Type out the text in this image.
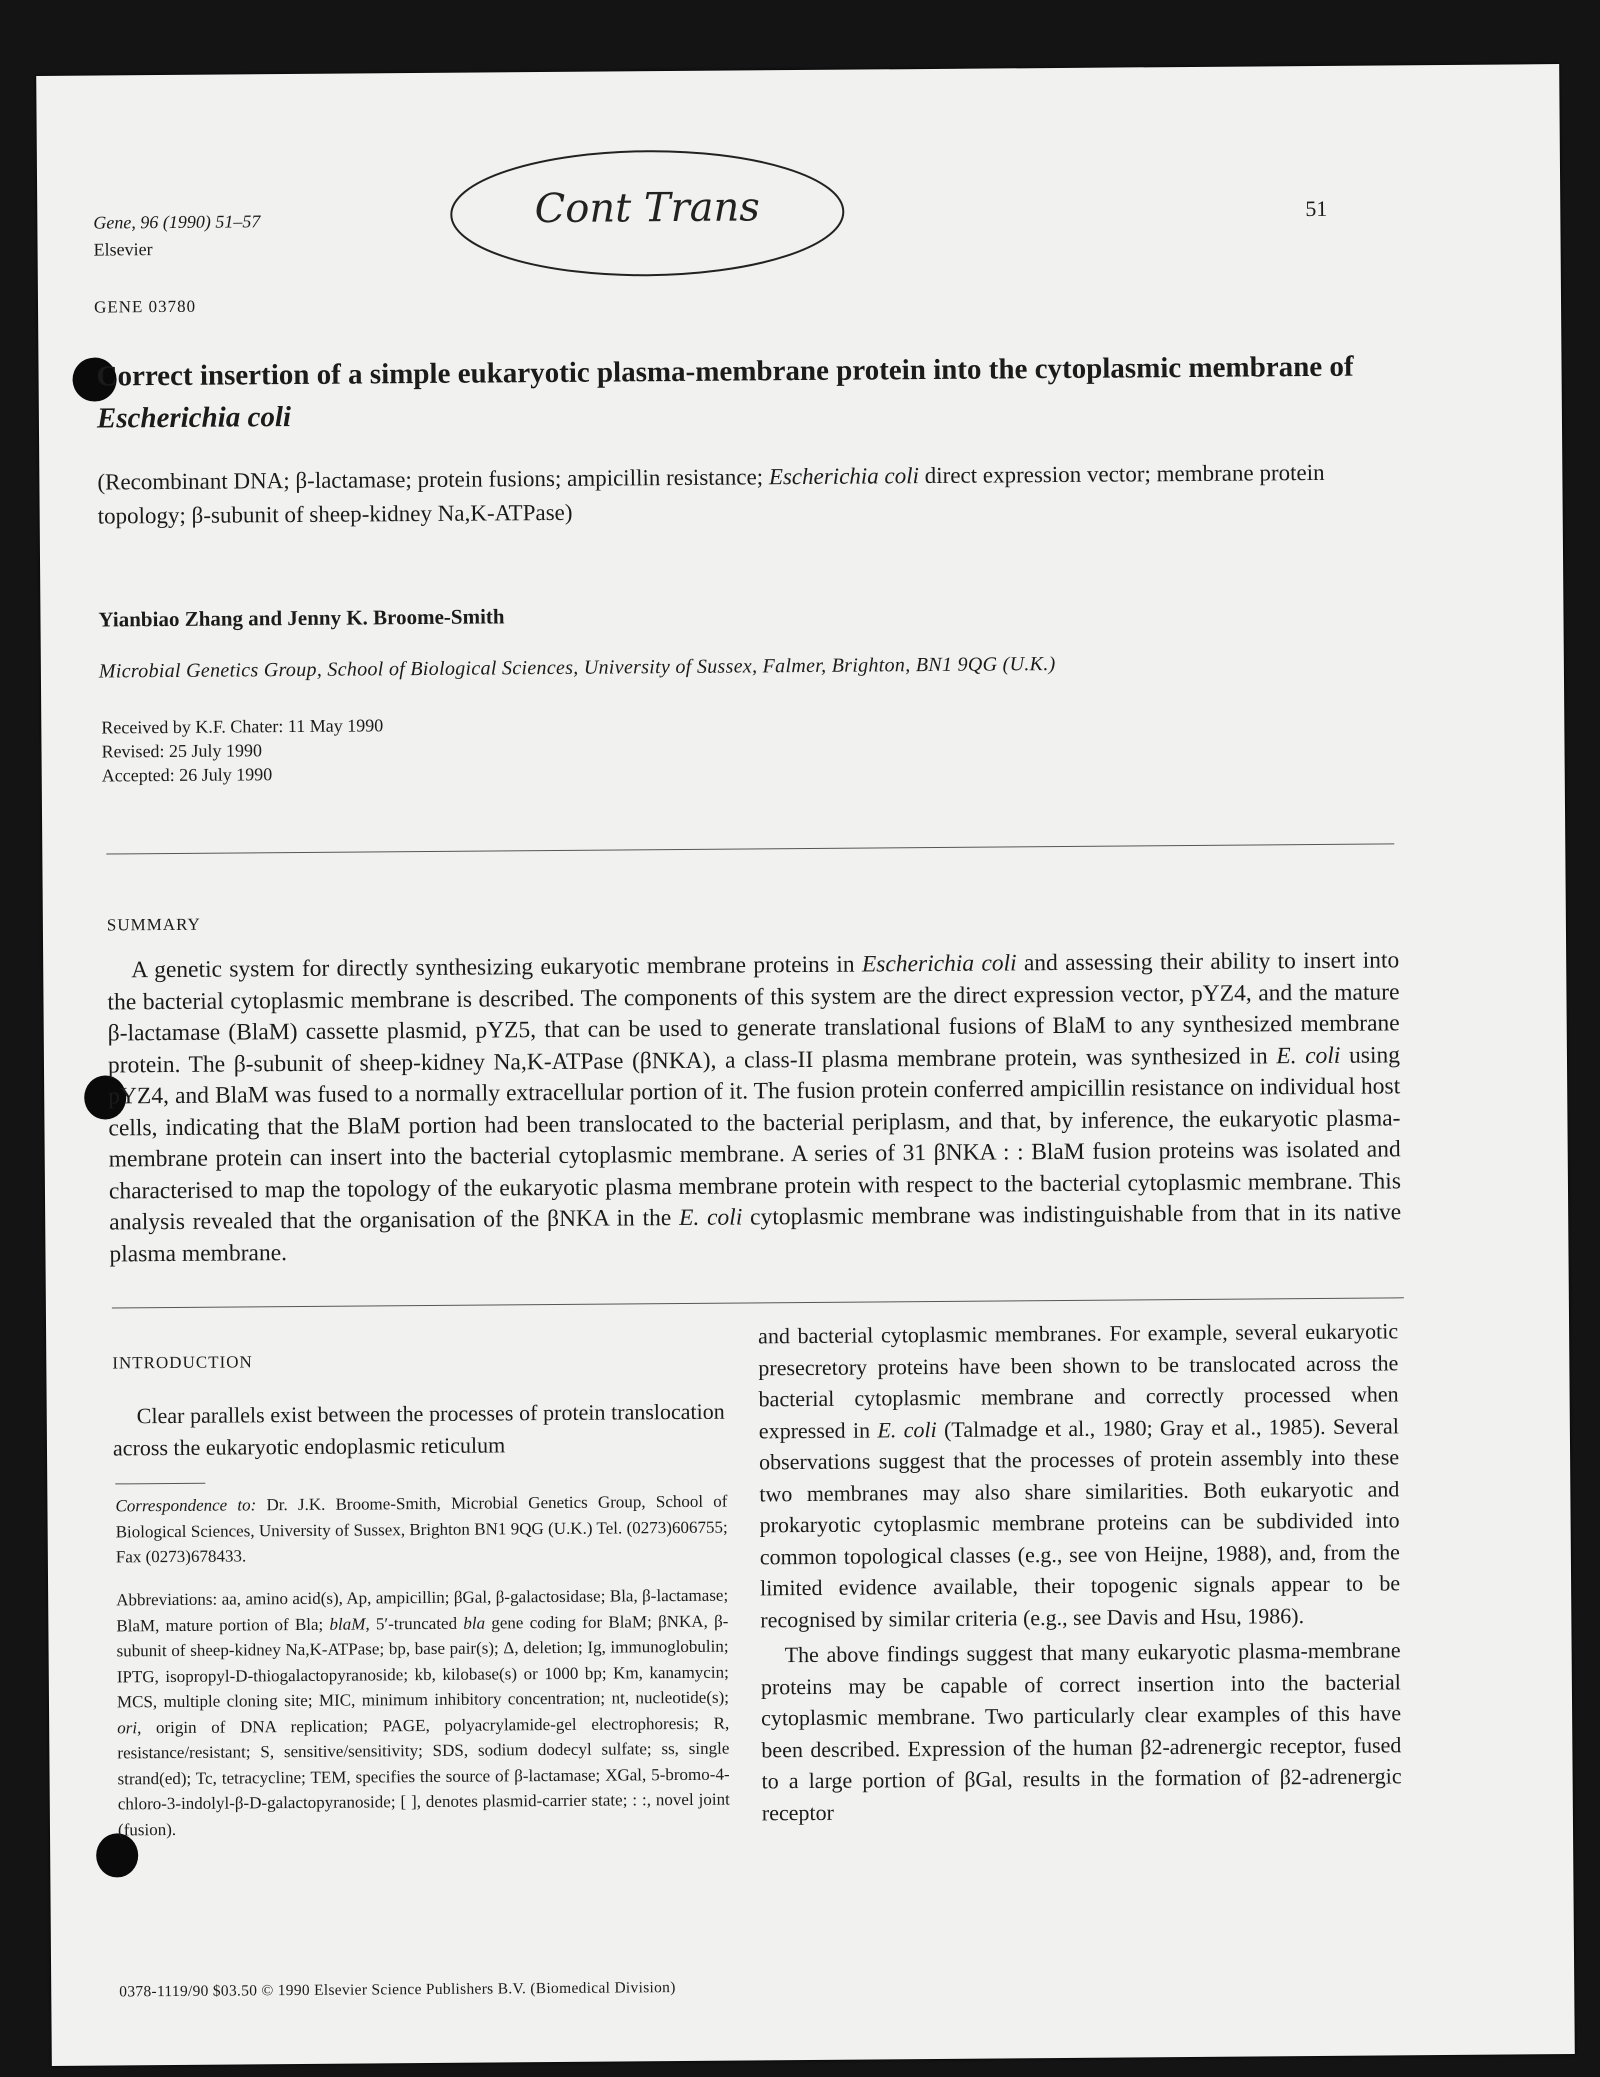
Gene, 96 (1990) 51–57
Elsevier
Cont Trans	51
GENE 03780
Correct insertion of a simple eukaryotic plasma-membrane protein into the cytoplasmic membrane of Escherichia coli
(Recombinant DNA; β-lactamase; protein fusions; ampicillin resistance; Escherichia coli direct expression vector; membrane protein topology; β-subunit of sheep-kidney Na,K-ATPase)
Yianbiao Zhang and Jenny K. Broome-Smith
Microbial Genetics Group, School of Biological Sciences, University of Sussex, Falmer, Brighton, BN1 9QG (U.K.)
Received by K.F. Chater: 11 May 1990
Revised: 25 July 1990
Accepted: 26 July 1990
SUMMARY
A genetic system for directly synthesizing eukaryotic membrane proteins in Escherichia coli and assessing their ability to insert into the bacterial cytoplasmic membrane is described. The components of this system are the direct expression vector, pYZ4, and the mature β-lactamase (BlaM) cassette plasmid, pYZ5, that can be used to generate translational fusions of BlaM to any synthesized membrane protein. The β-subunit of sheep-kidney Na,K-ATPase (βNKA), a class-II plasma membrane protein, was synthesized in E. coli using pYZ4, and BlaM was fused to a normally extracellular portion of it. The fusion protein conferred ampicillin resistance on individual host cells, indicating that the BlaM portion had been translocated to the bacterial periplasm, and that, by inference, the eukaryotic plasma-membrane protein can insert into the bacterial cytoplasmic membrane. A series of 31 βNKA : : BlaM fusion proteins was isolated and characterised to map the topology of the eukaryotic plasma membrane protein with respect to the bacterial cytoplasmic membrane. This analysis revealed that the organisation of the βNKA in the E. coli cytoplasmic membrane was indistinguishable from that in its native plasma membrane.
INTRODUCTION
Clear parallels exist between the processes of protein translocation across the eukaryotic endoplasmic reticulum
Correspondence to: Dr. J.K. Broome-Smith, Microbial Genetics Group, School of Biological Sciences, University of Sussex, Brighton BN1 9QG (U.K.) Tel. (0273)606755; Fax (0273)678433.
Abbreviations: aa, amino acid(s), Ap, ampicillin; βGal, β-galactosidase; Bla, β-lactamase; BlaM, mature portion of Bla; blaM, 5′-truncated bla gene coding for BlaM; βNKA, β-subunit of sheep-kidney Na,K-ATPase; bp, base pair(s); Δ, deletion; Ig, immunoglobulin; IPTG, isopropyl-D-thiogalactopyranoside; kb, kilobase(s) or 1000 bp; Km, kanamycin; MCS, multiple cloning site; MIC, minimum inhibitory concentration; nt, nucleotide(s); ori, origin of DNA replication; PAGE, polyacrylamide-gel electrophoresis; R, resistance/resistant; S, sensitive/sensitivity; SDS, sodium dodecyl sulfate; ss, single strand(ed); Tc, tetracycline; TEM, specifies the source of β-lactamase; XGal, 5-bromo-4-chloro-3-indolyl-β-D-galactopyranoside; [ ], denotes plasmid-carrier state; : :, novel joint (fusion).
and bacterial cytoplasmic membranes. For example, several eukaryotic presecretory proteins have been shown to be translocated across the bacterial cytoplasmic membrane and correctly processed when expressed in E. coli (Talmadge et al., 1980; Gray et al., 1985). Several observations suggest that the processes of protein assembly into these two membranes may also share similarities. Both eukaryotic and prokaryotic cytoplasmic membrane proteins can be subdivided into common topological classes (e.g., see von Heijne, 1988), and, from the limited evidence available, their topogenic signals appear to be recognised by similar criteria (e.g., see Davis and Hsu, 1986).
The above findings suggest that many eukaryotic plasma-membrane proteins may be capable of correct insertion into the bacterial cytoplasmic membrane. Two particularly clear examples of this have been described. Expression of the human β2-adrenergic receptor, fused to a large portion of βGal, results in the formation of β2-adrenergic receptor
0378-1119/90 $03.50 © 1990 Elsevier Science Publishers B.V. (Biomedical Division)
